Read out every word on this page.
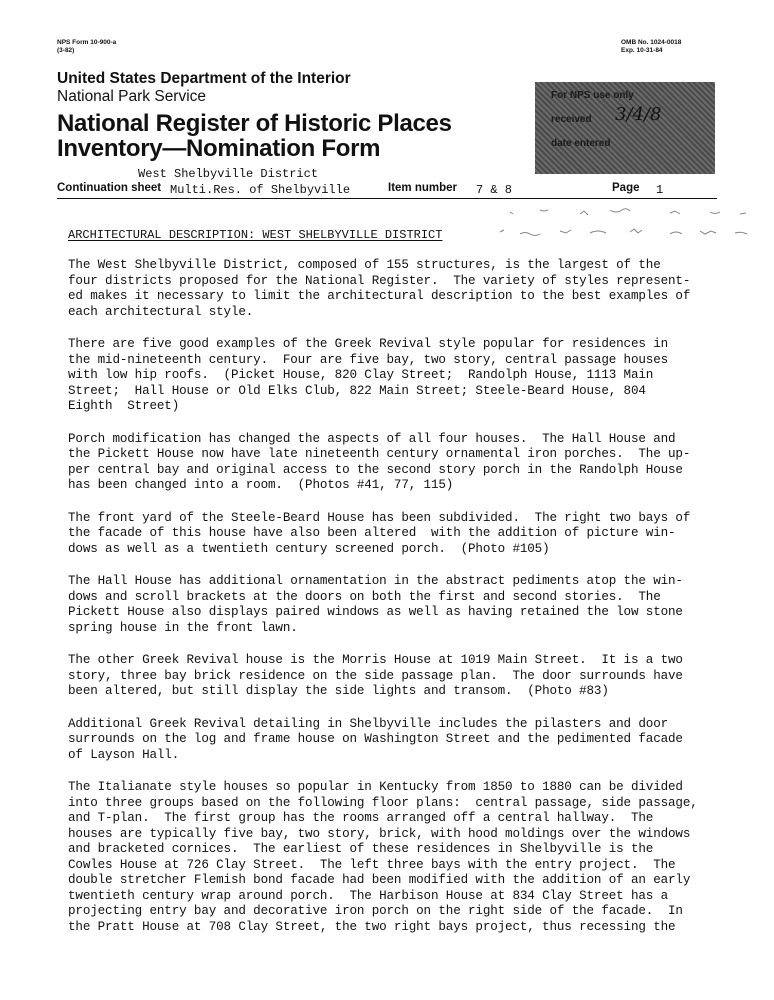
NPS Form 10-900-a
(3-82)
OMB No. 1024-0018
Exp. 10-31-84
United States Department of the Interior
National Park Service
National Register of Historic Places
Inventory—Nomination Form
For NPS use only
received 3/4/8
date entered
West Shelbyville District
Continuation sheet Multi.Res. of Shelbyville	Item number 7 & 8	Page 1
ARCHITECTURAL DESCRIPTION: WEST SHELBYVILLE DISTRICT

The West Shelbyville District, composed of 155 structures, is the largest of the
four districts proposed for the National Register.  The variety of styles represent-
ed makes it necessary to limit the architectural description to the best examples of
each architectural style.

There are five good examples of the Greek Revival style popular for residences in
the mid-nineteenth century.  Four are five bay, two story, central passage houses
with low hip roofs.  (Picket House, 820 Clay Street;  Randolph House, 1113 Main
Street;  Hall House or Old Elks Club, 822 Main Street; Steele-Beard House, 804
Eighth  Street)

Porch modification has changed the aspects of all four houses.  The Hall House and
the Pickett House now have late nineteenth century ornamental iron porches.  The up-
per central bay and original access to the second story porch in the Randolph House
has been changed into a room.  (Photos #41, 77, 115)

The front yard of the Steele-Beard House has been subdivided.  The right two bays of
the facade of this house have also been altered  with the addition of picture win-
dows as well as a twentieth century screened porch.  (Photo #105)

The Hall House has additional ornamentation in the abstract pediments atop the win-
dows and scroll brackets at the doors on both the first and second stories.  The
Pickett House also displays paired windows as well as having retained the low stone
spring house in the front lawn.

The other Greek Revival house is the Morris House at 1019 Main Street.  It is a two
story, three bay brick residence on the side passage plan.  The door surrounds have
been altered, but still display the side lights and transom.  (Photo #83)

Additional Greek Revival detailing in Shelbyville includes the pilasters and door
surrounds on the log and frame house on Washington Street and the pedimented facade
of Layson Hall.

The Italianate style houses so popular in Kentucky from 1850 to 1880 can be divided
into three groups based on the following floor plans:  central passage, side passage,
and T-plan.  The first group has the rooms arranged off a central hallway.  The
houses are typically five bay, two story, brick, with hood moldings over the windows
and bracketed cornices.  The earliest of these residences in Shelbyville is the
Cowles House at 726 Clay Street.  The left three bays with the entry project.  The
double stretcher Flemish bond facade had been modified with the addition of an early
twentieth century wrap around porch.  The Harbison House at 834 Clay Street has a
projecting entry bay and decorative iron porch on the right side of the facade.  In
the Pratt House at 708 Clay Street, the two right bays project, thus recessing the
